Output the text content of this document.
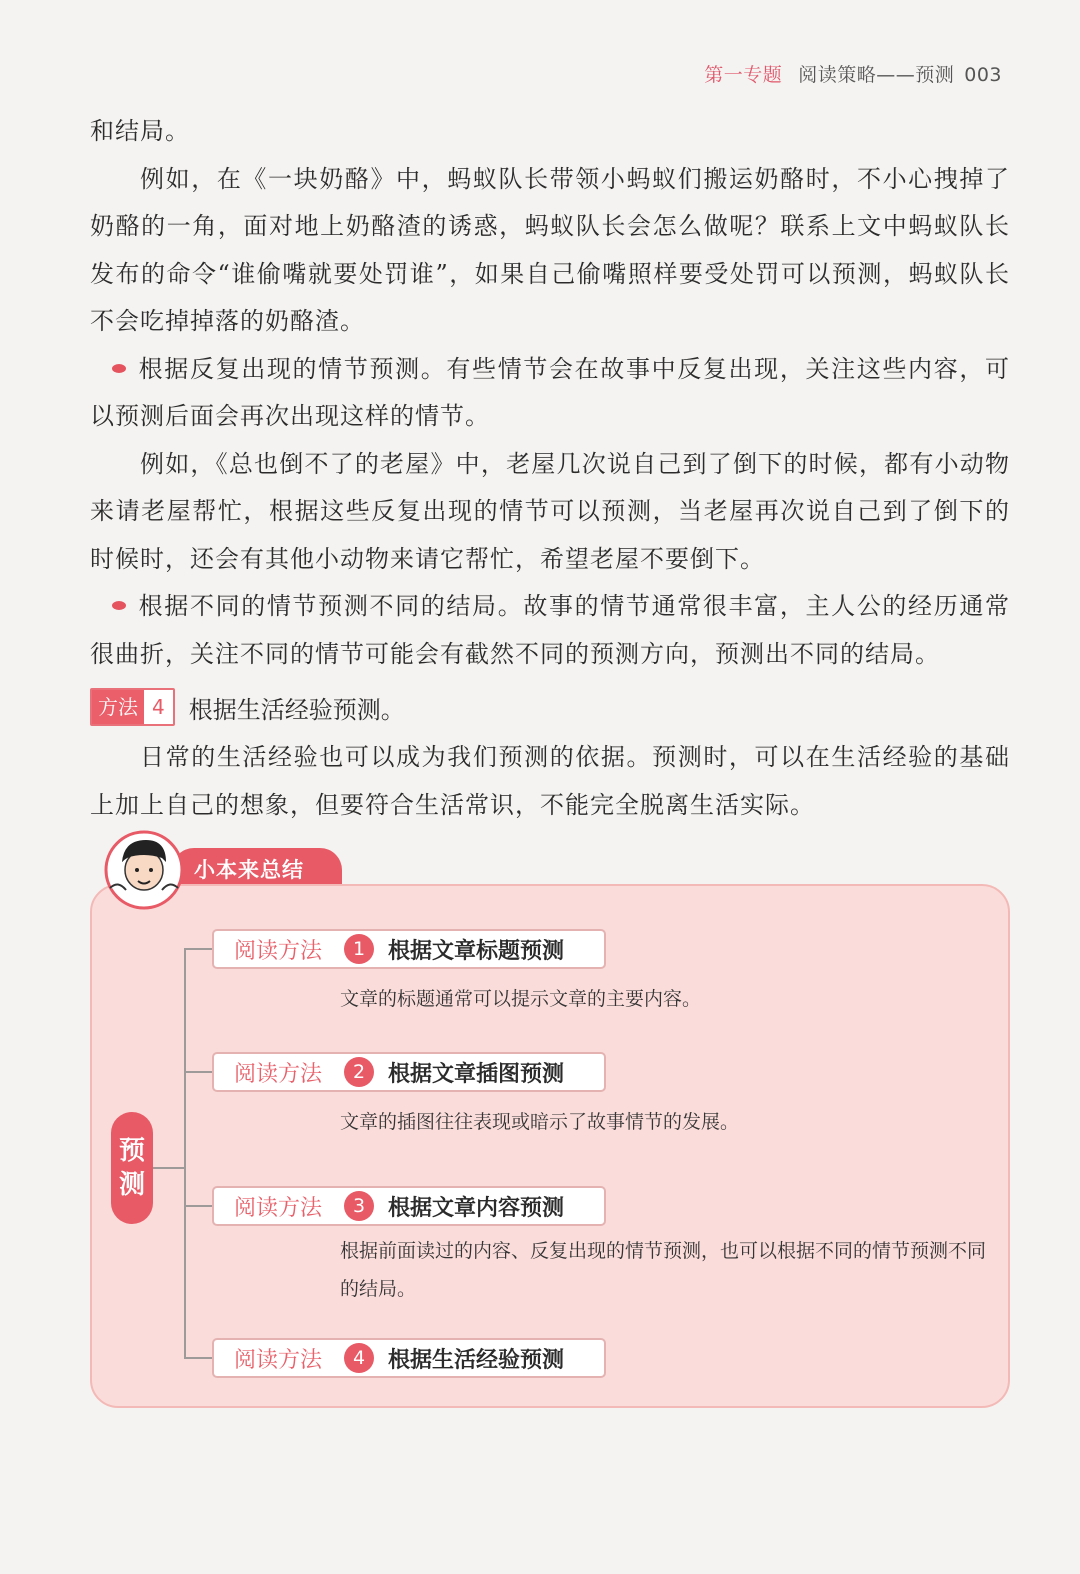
第一专题 阅读策略——预测 003

和结局。

例如，在《一块奶酪》中，蚂蚁队长带领小蚂蚁们搬运奶酪时，不小心拽掉了奶酪的一角，面对地上奶酪渣的诱惑，蚂蚁队长会怎么做呢？联系上文中蚂蚁队长发布的命令“谁偷嘴就要处罚谁”，如果自己偷嘴照样要受处罚可以预测，蚂蚁队长不会吃掉掉落的奶酪渣。

根据反复出现的情节预测。有些情节会在故事中反复出现，关注这些内容，可以预测后面会再次出现这样的情节。

例如，《总也倒不了的老屋》中，老屋几次说自己到了倒下的时候，都有小动物来请老屋帮忙，根据这些反复出现的情节可以预测，当老屋再次说自己到了倒下的时候时，还会有其他小动物来请它帮忙，希望老屋不要倒下。

根据不同的情节预测不同的结局。故事的情节通常很丰富，主人公的经历通常很曲折，关注不同的情节可能会有截然不同的预测方向，预测出不同的结局。

方法 4	根据生活经验预测。

日常的生活经验也可以成为我们预测的依据。预测时，可以在生活经验的基础上加上自己的想象，但要符合生活常识，不能完全脱离生活实际。

小本来总结
预
测
阅读方法	1	根据文章标题预测
文章的标题通常可以提示文章的主要内容。
阅读方法	2	根据文章插图预测
文章的插图往往表现或暗示了故事情节的发展。
阅读方法	3	根据文章内容预测
根据前面读过的内容、反复出现的情节预测，也可以根据不同的情节预测不同的结局。
阅读方法	4	根据生活经验预测
